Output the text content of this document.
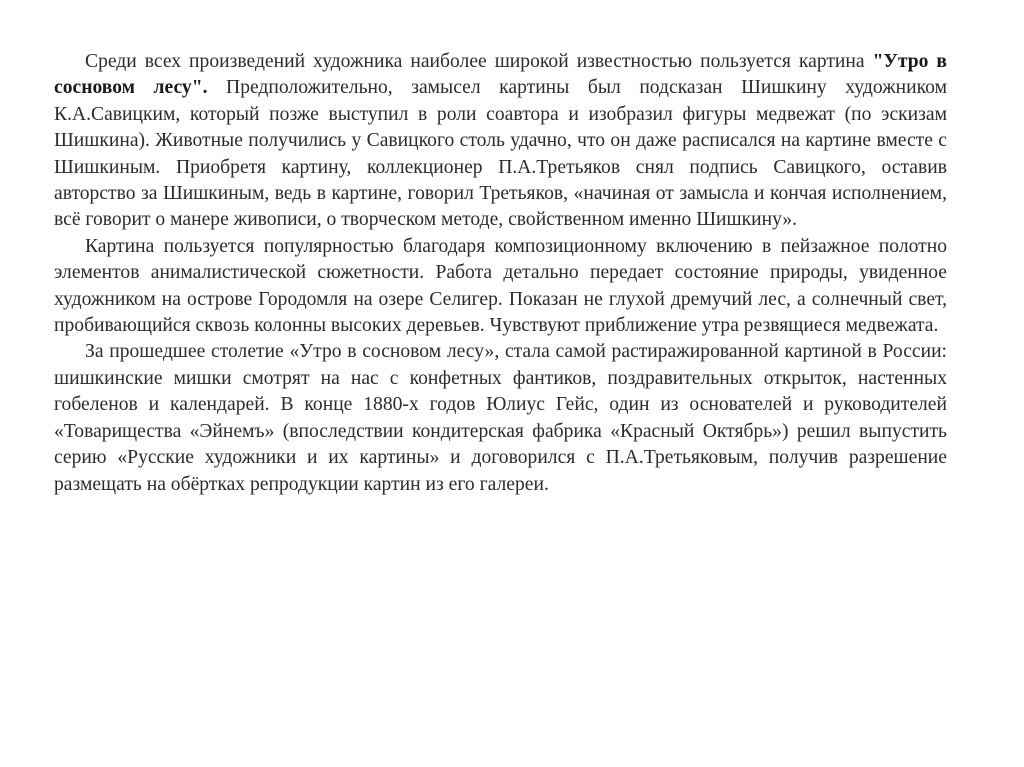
Среди всех произведений художника наиболее широкой известностью пользуется картина "Утро в сосновом лесу". Предположительно, замысел картины был подсказан Шишкину художником К.А.Савицким, который позже выступил в роли соавтора и изобразил фигуры медвежат (по эскизам Шишкина). Животные получились у Савицкого столь удачно, что он даже расписался на картине вместе с Шишкиным. Приобретя картину, коллекционер П.А.Третьяков снял подпись Савицкого, оставив авторство за Шишкиным, ведь в картине, говорил Третьяков, «начиная от замысла и кончая исполнением, всё говорит о манере живописи, о творческом методе, свойственном именно Шишкину».

Картина пользуется популярностью благодаря композиционному включению в пейзажное полотно элементов анималистической сюжетности. Работа детально передает состояние природы, увиденное художником на острове Городомля на озере Селигер. Показан не глухой дремучий лес, а солнечный свет, пробивающийся сквозь колонны высоких деревьев. Чувствуют приближение утра резвящиеся медвежата.

За прошедшее столетие «Утро в сосновом лесу», стала самой растиражированной картиной в России: шишкинские мишки смотрят на нас с конфетных фантиков, поздравительных открыток, настенных гобеленов и календарей. В конце 1880-х годов Юлиус Гейс, один из основателей и руководителей «Товарищества «Эйнемъ» (впоследствии кондитерская фабрика «Красный Октябрь») решил выпустить серию «Русские художники и их картины» и договорился с П.А.Третьяковым, получив разрешение размещать на обёртках репродукции картин из его галереи.
